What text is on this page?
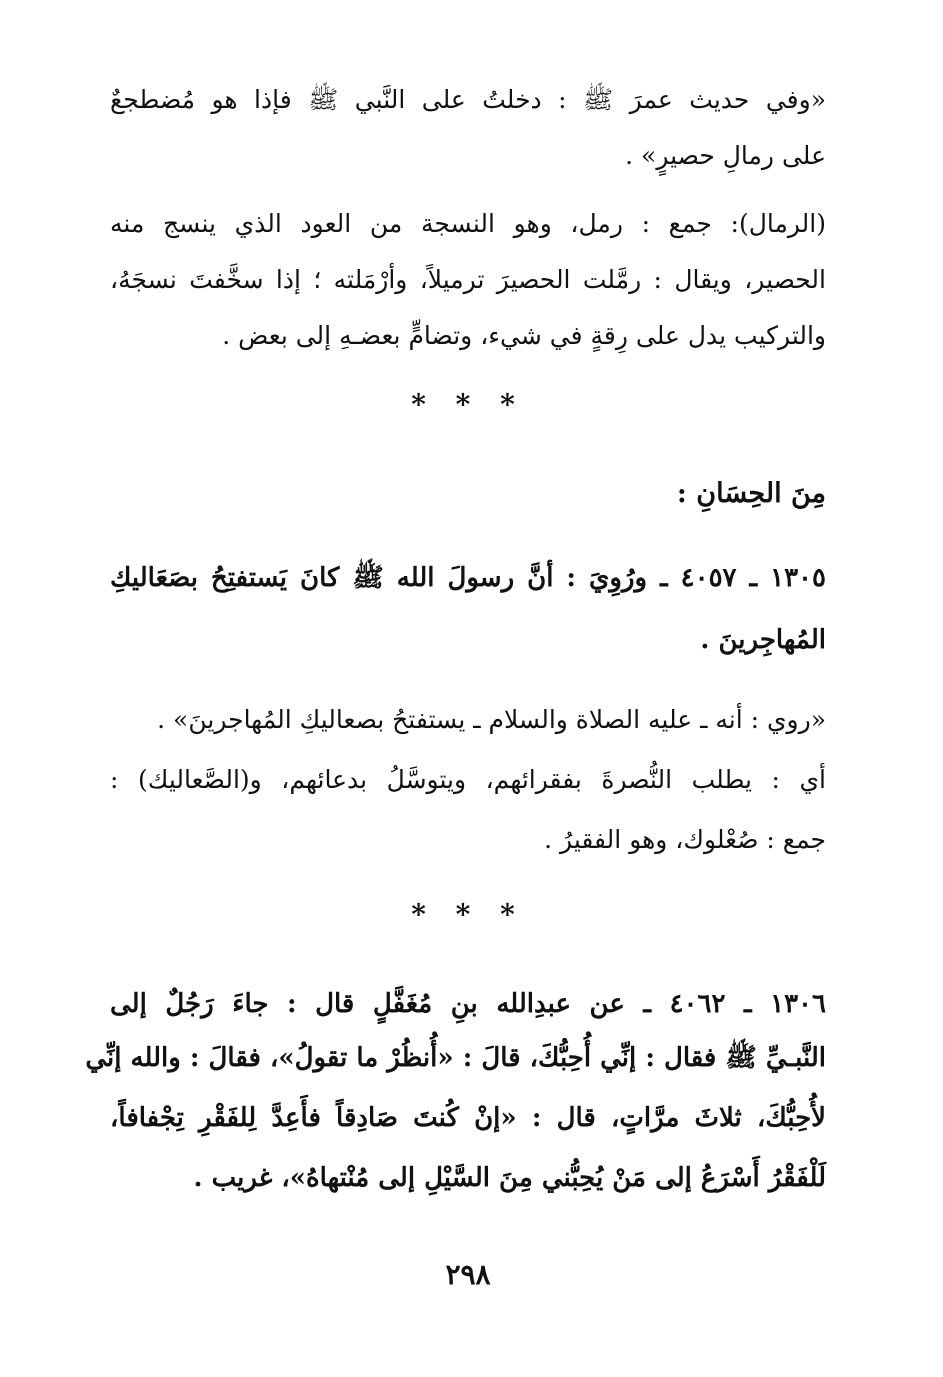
«وفي حديث عمرَ ﷺ : دخلتُ على النَّبي ﷺ فإذا هو مُضطجعٌ
على رمالِ حصيرٍ» .
(الرمال): جمع : رمل، وهو النسجة من العود الذي ينسج منه
الحصير، ويقال : رمَّلت الحصيرَ ترميلاً، وأرْمَلته ؛ إذا سخَّفتَ نسجَهُ،
والتركيب يدل على رِقةٍ في شيء، وتضامٍّ بعضـهِ إلى بعض .
* * *
مِنَ الحِسَانِ :
١٣٠٥ ـ ٤٠٥٧ ـ ورُوِيَ : أنَّ رسولَ الله ﷺ كانَ يَستفتِحُ بصَعَاليكِ
المُهاجِرينَ .
«روي : أنه ـ عليه الصلاة والسلام ـ يستفتحُ بصعاليكِ المُهاجرينَ» .
أي : يطلب النُّصرةَ بفقرائهم، ويتوسَّلُ بدعائهم، و(الصَّعاليك) :
جمع : صُعْلوك، وهو الفقيرُ .
* * *
١٣٠٦ ـ ٤٠٦٢ ـ عن عبدِالله بنِ مُغَفَّلٍ قال : جاءَ رَجُلٌ إلى
النَّبـيِّ ﷺ فقال : إنِّي أُحِبُّكَ، قالَ : «أُنظُرْ ما تقولُ»، فقالَ : والله إنِّي
لأُحِبُّكَ، ثلاثَ مرَّاتٍ، قال : «إنْ كُنتَ صَادِقاً فأَعِدَّ لِلفَقْرِ تِجْفافاً،
لَلْفَقْرُ أَسْرَعُ إلى مَنْ يُحِبُّني مِنَ السَّيْلِ إلى مُنْتهاهُ»، غريب .
٢٩٨
